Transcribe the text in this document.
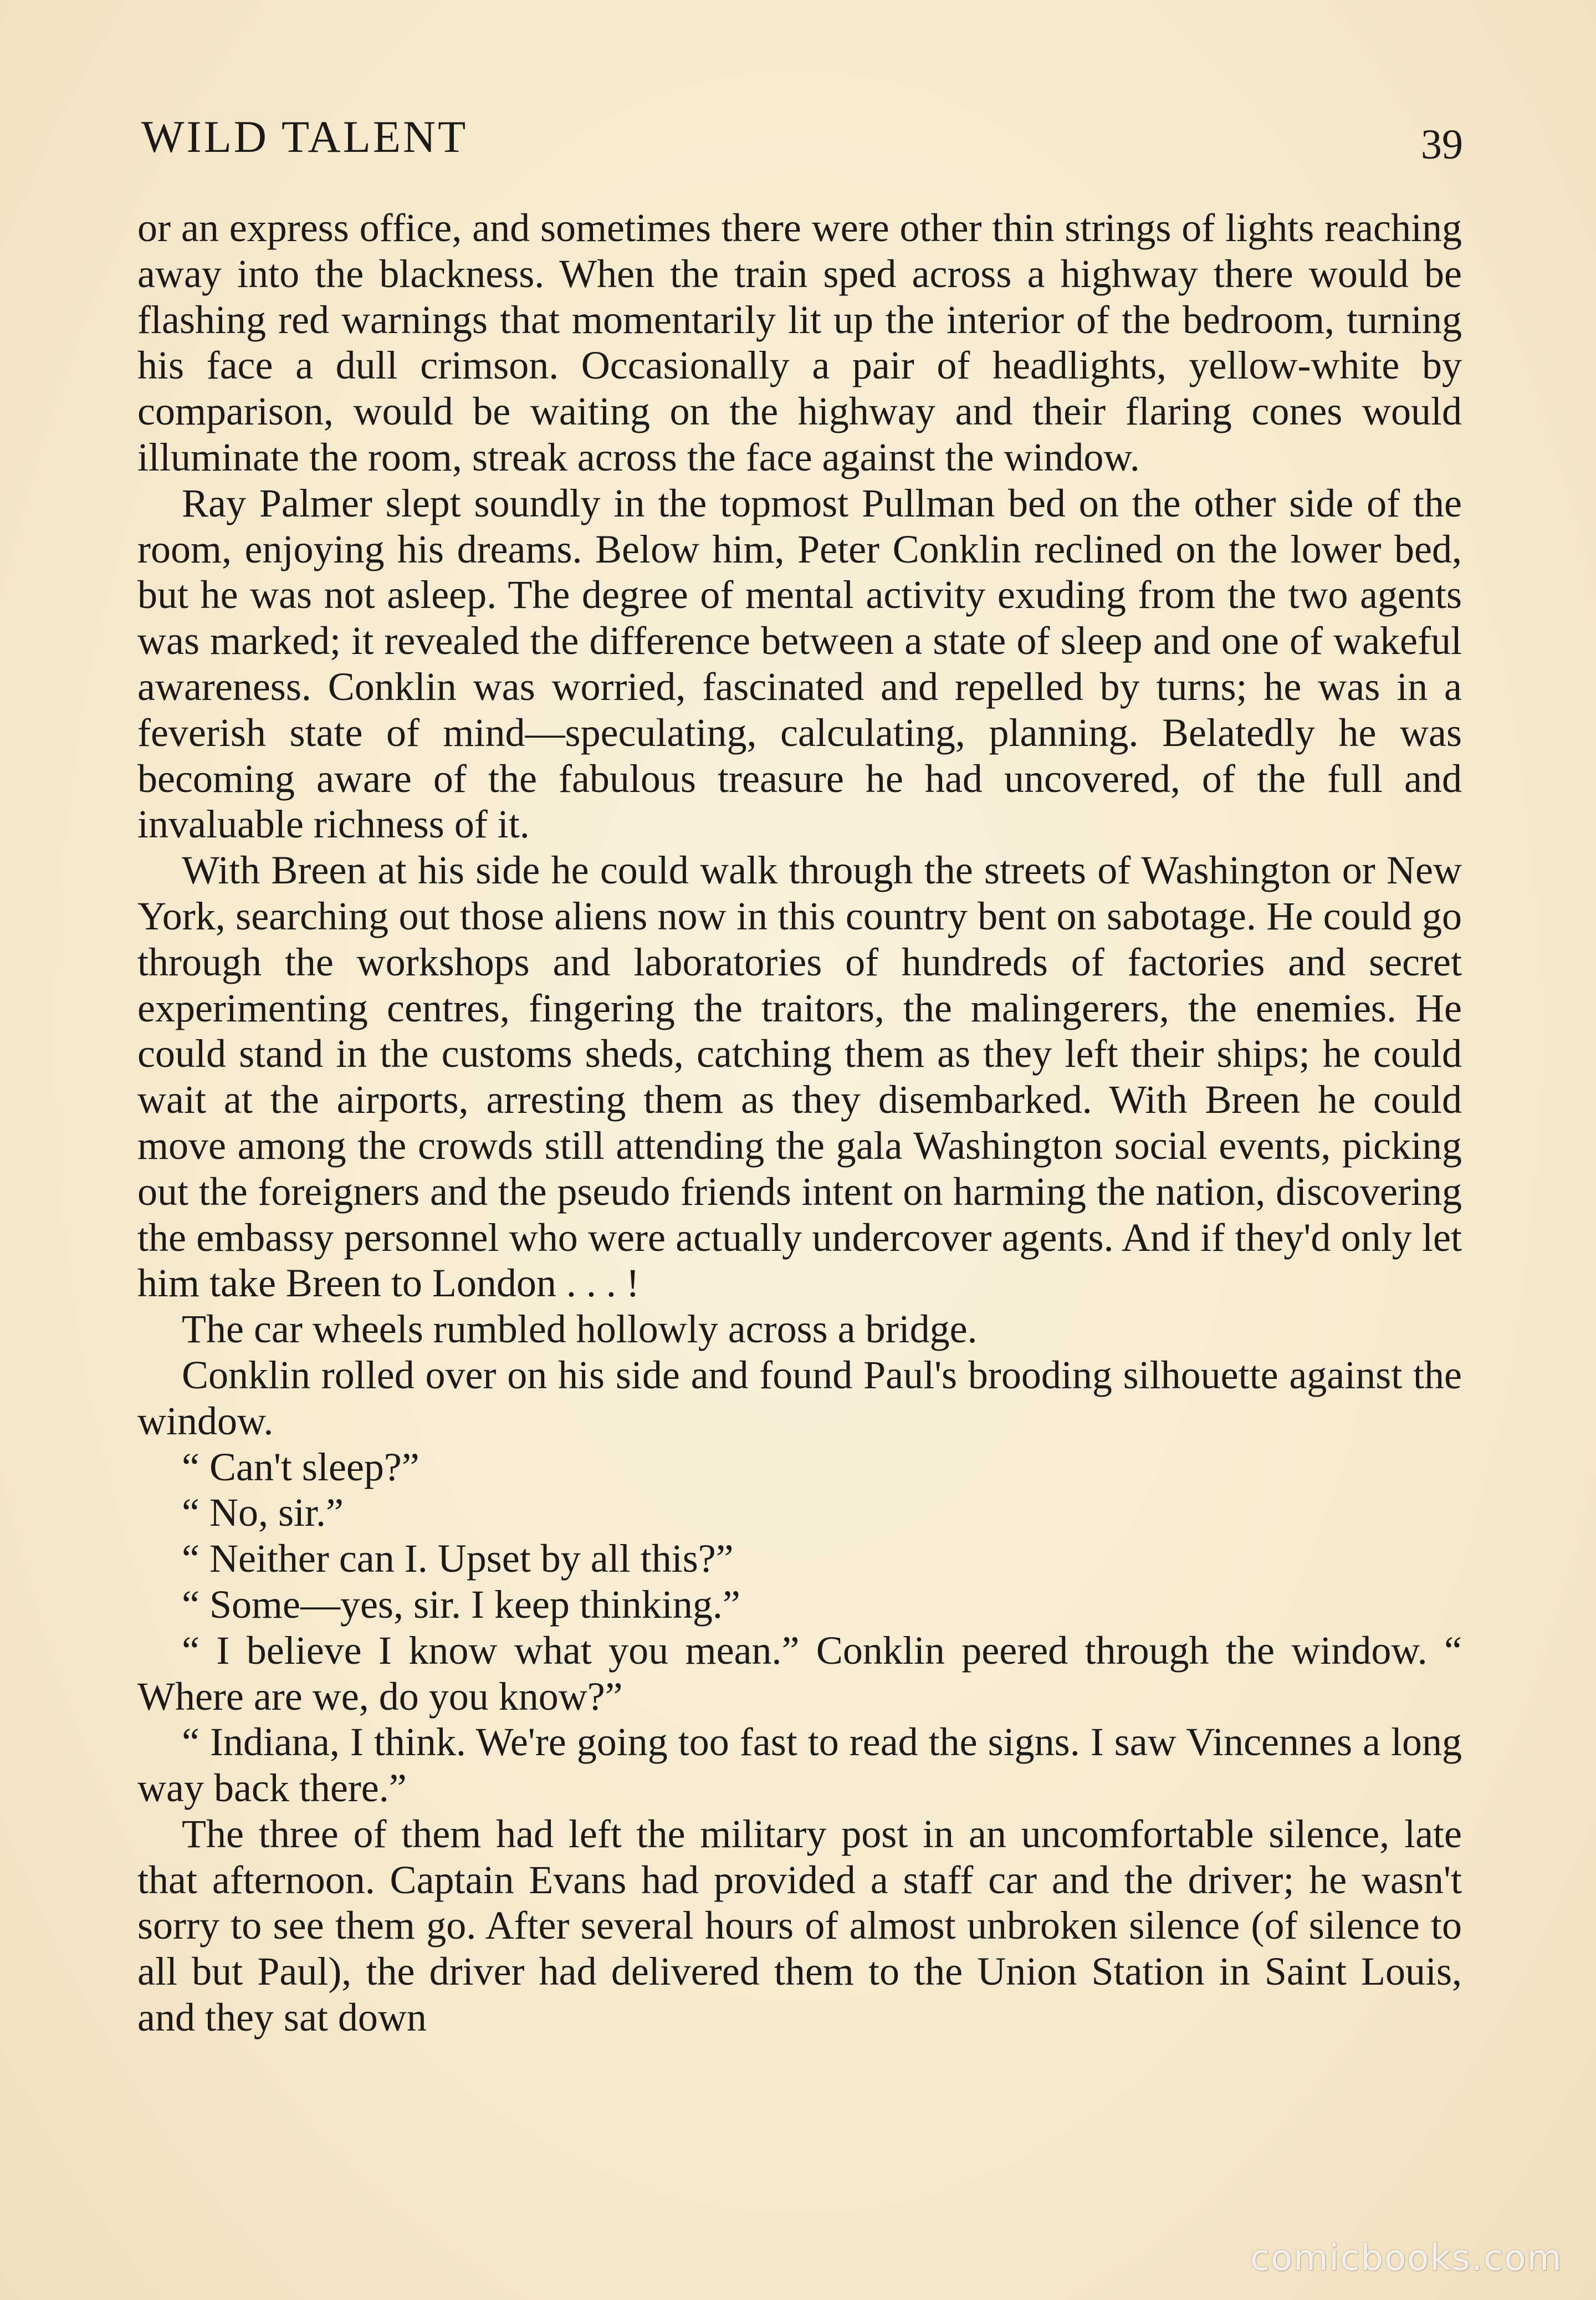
WILD TALENT	39

or an express office, and sometimes there were other thin strings of lights reaching away into the blackness. When the train sped across a highway there would be flashing red warnings that momentarily lit up the interior of the bedroom, turning his face a dull crimson. Occasionally a pair of headlights, yellow-white by comparison, would be waiting on the highway and their flaring cones would illuminate the room, streak across the face against the window.

Ray Palmer slept soundly in the topmost Pullman bed on the other side of the room, enjoying his dreams. Below him, Peter Conklin reclined on the lower bed, but he was not asleep. The degree of mental activity exuding from the two agents was marked; it revealed the difference between a state of sleep and one of wakeful awareness. Conklin was worried, fascinated and repelled by turns; he was in a feverish state of mind—speculating, calculating, planning. Belatedly he was becoming aware of the fabulous treasure he had uncovered, of the full and invaluable richness of it.

With Breen at his side he could walk through the streets of Washington or New York, searching out those aliens now in this country bent on sabotage. He could go through the workshops and laboratories of hundreds of factories and secret experimenting centres, fingering the traitors, the malingerers, the enemies. He could stand in the customs sheds, catching them as they left their ships; he could wait at the airports, arresting them as they disembarked. With Breen he could move among the crowds still attending the gala Washington social events, picking out the foreigners and the pseudo friends intent on harming the nation, discovering the embassy personnel who were actually undercover agents. And if they'd only let him take Breen to London . . . !

The car wheels rumbled hollowly across a bridge.

Conklin rolled over on his side and found Paul's brooding silhouette against the window.

“ Can't sleep?”

“ No, sir.”

“ Neither can I. Upset by all this?”

“ Some—yes, sir. I keep thinking.”

“ I believe I know what you mean.” Conklin peered through the window. “ Where are we, do you know?”

“ Indiana, I think. We're going too fast to read the signs. I saw Vincennes a long way back there.”

The three of them had left the military post in an uncomfortable silence, late that afternoon. Captain Evans had provided a staff car and the driver; he wasn't sorry to see them go. After several hours of almost unbroken silence (of silence to all but Paul), the driver had delivered them to the Union Station in Saint Louis, and they sat down

comicbooks.com
